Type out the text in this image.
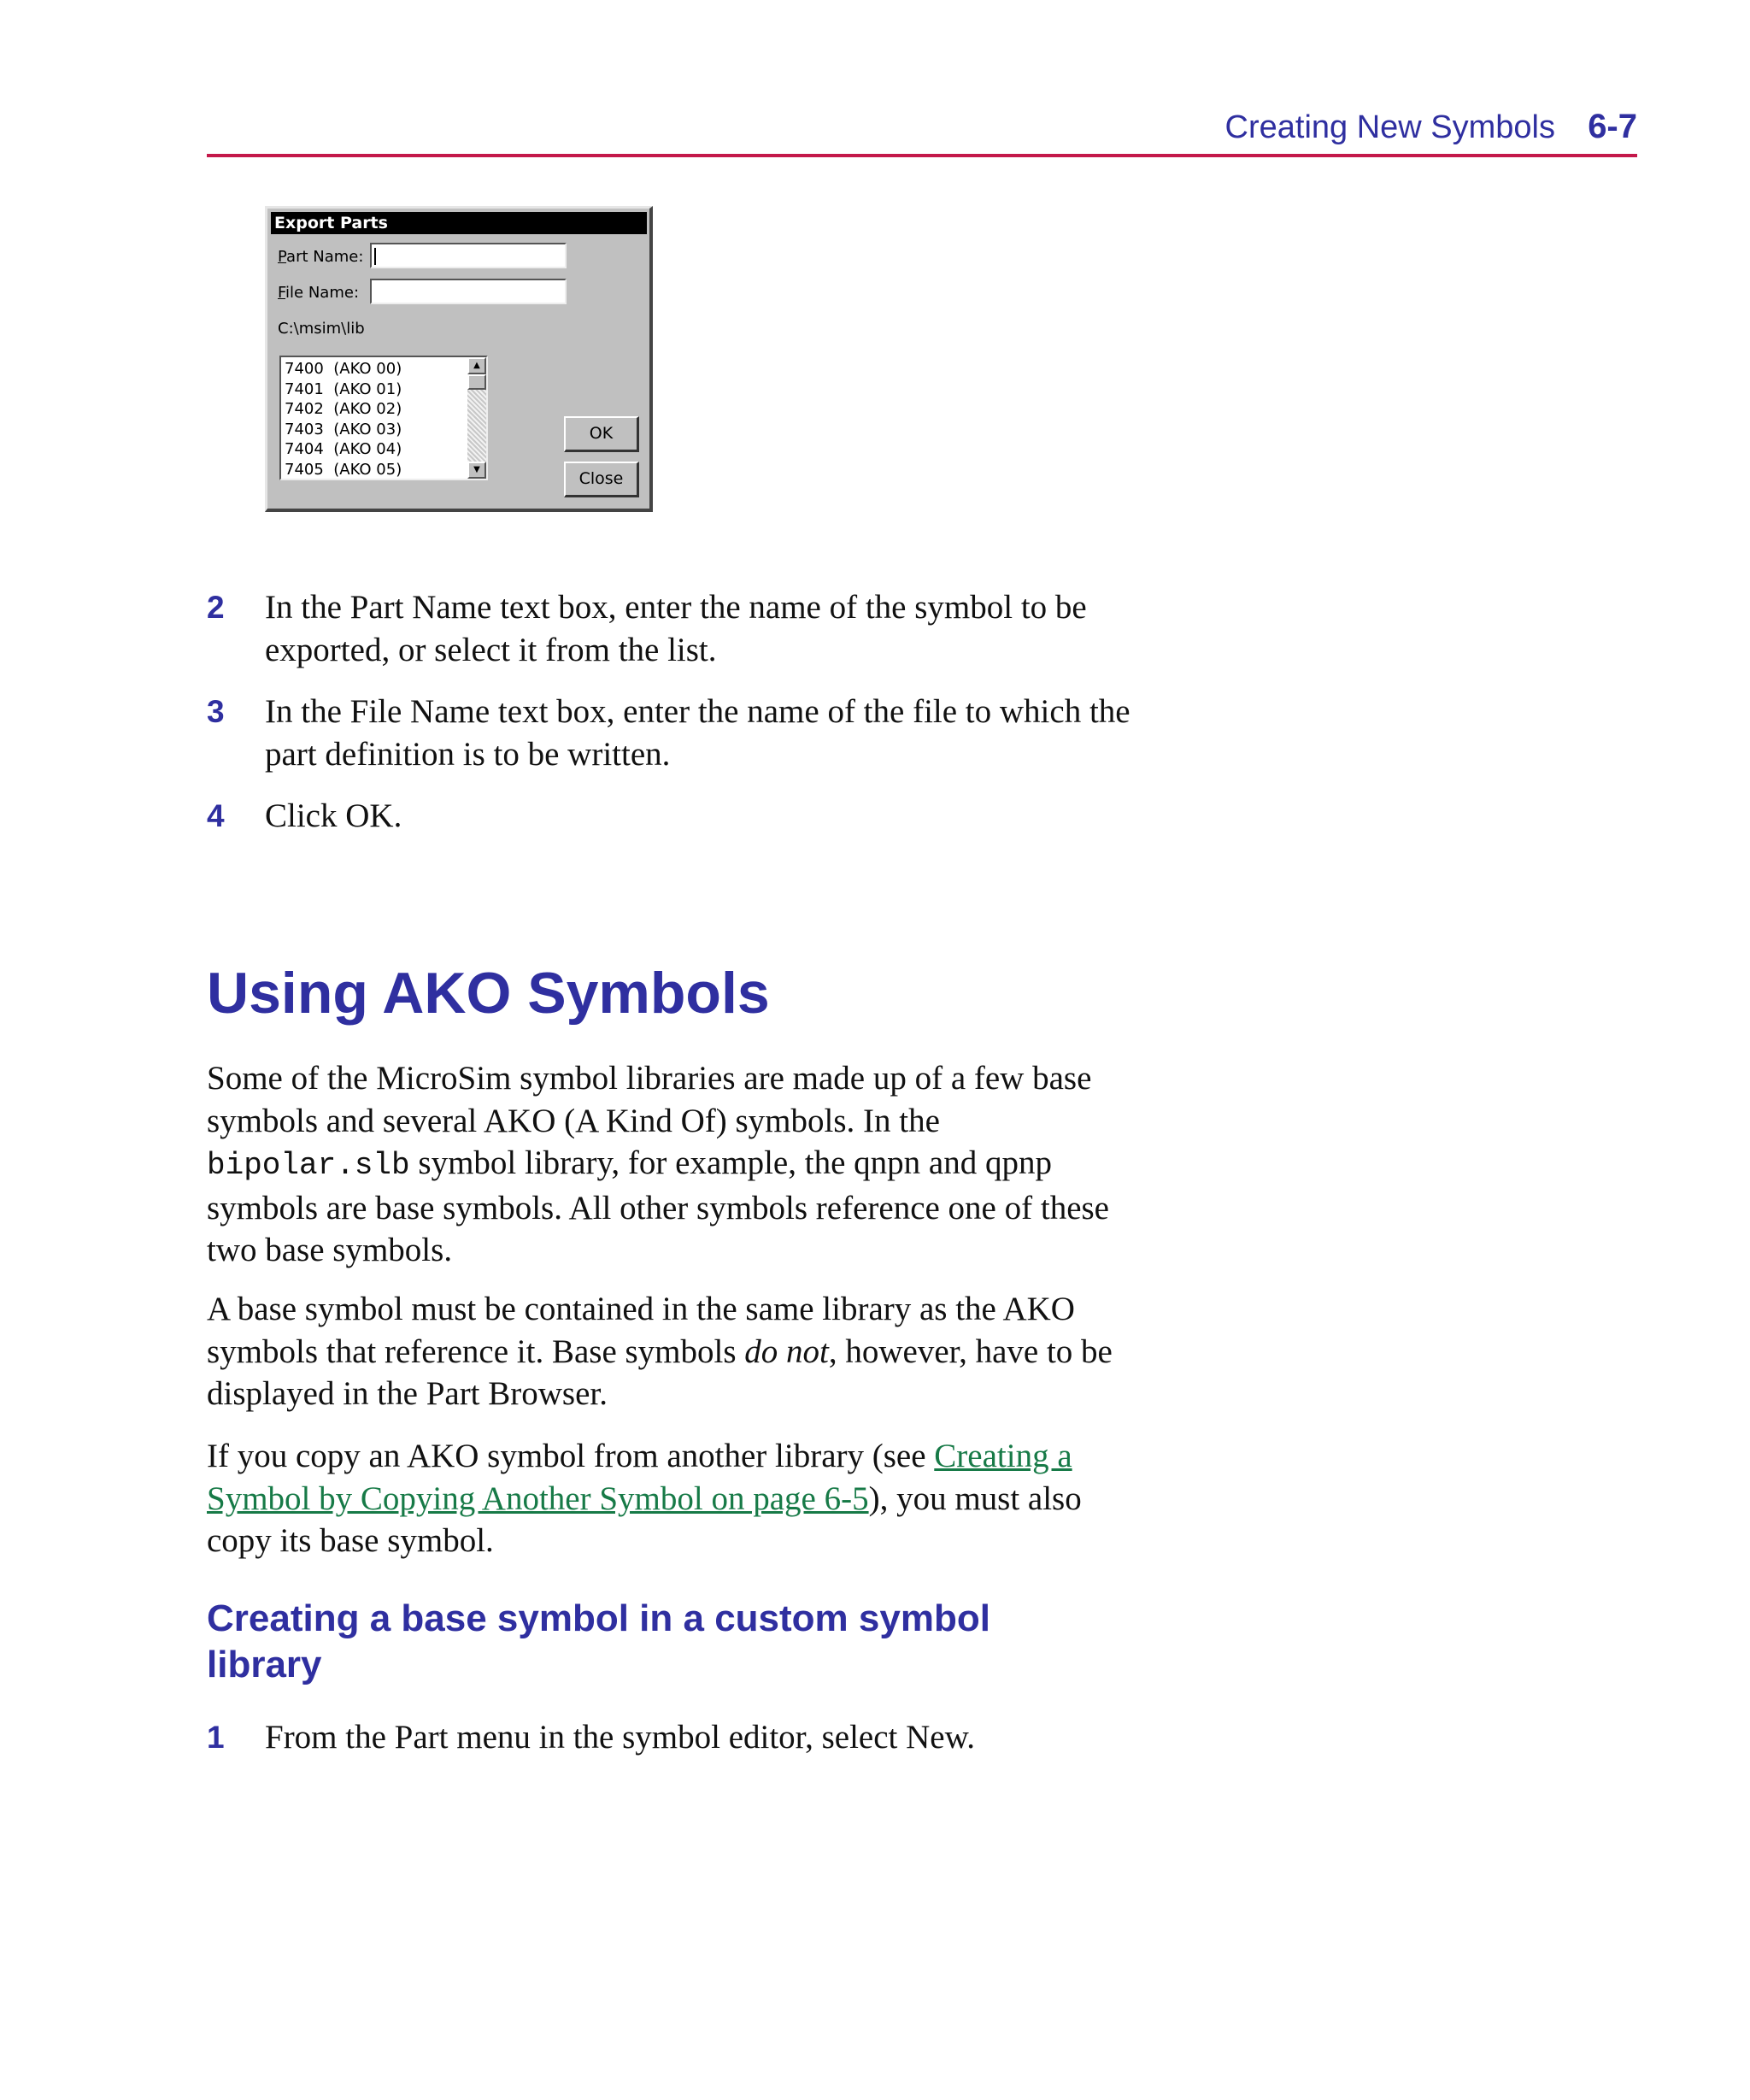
Creating New Symbols 6-7
Export Parts
Part Name:
File Name:
C:\msim\lib
7400  (AKO 00)
7401  (AKO 01)
7402  (AKO 02)
7403  (AKO 03)
7404  (AKO 04)
7405  (AKO 05)
▲
▼
OK
Close
2 In the Part Name text box, enter the name of the symbol to be exported, or select it from the list.
3 In the File Name text box, enter the name of the file to which the part definition is to be written.
4 Click OK.
Using AKO Symbols
Some of the MicroSim symbol libraries are made up of a few base symbols and several AKO (A Kind Of) symbols. In the bipolar.slb symbol library, for example, the qnpn and qpnp symbols are base symbols. All other symbols reference one of these two base symbols.
A base symbol must be contained in the same library as the AKO symbols that reference it. Base symbols do not, however, have to be displayed in the Part Browser.
If you copy an AKO symbol from another library (see Creating a Symbol by Copying Another Symbol on page 6-5), you must also copy its base symbol.
Creating a base symbol in a custom symbol library
1 From the Part menu in the symbol editor, select New.
